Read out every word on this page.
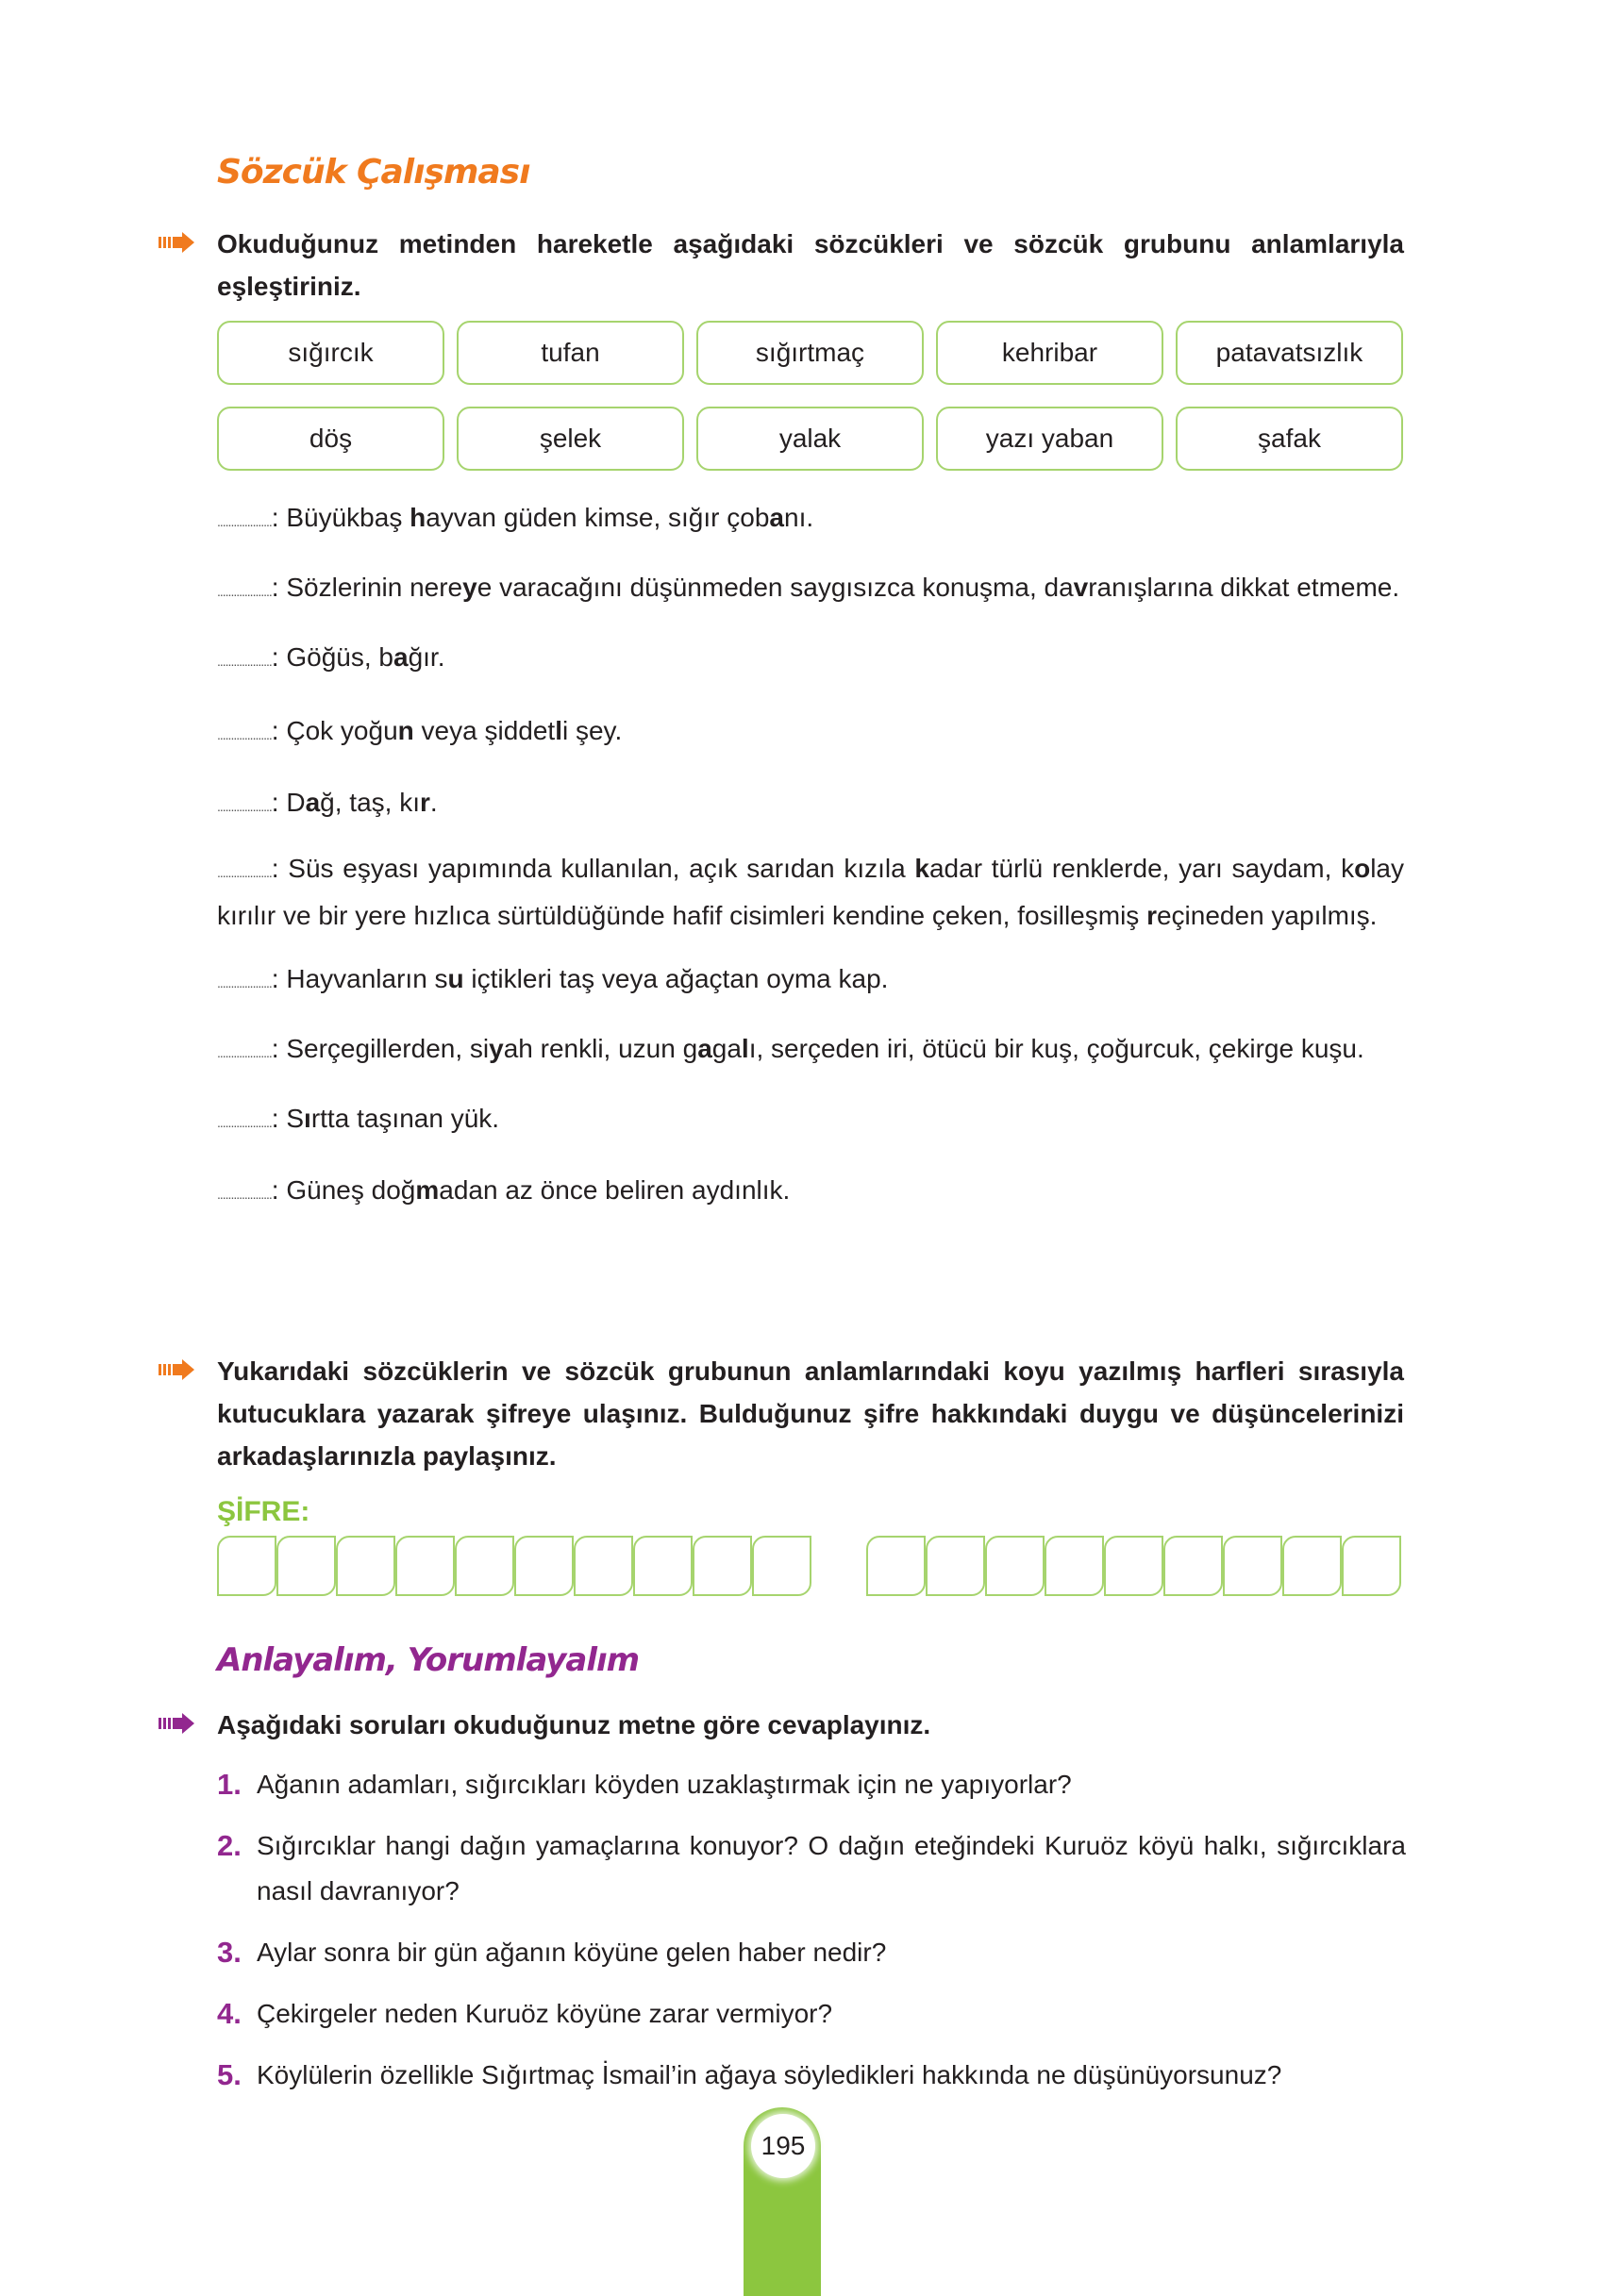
Sözcük Çalışması
Okuduğunuz metinden hareketle aşağıdaki sözcükleri ve sözcük grubunu anlamlarıyla eşleştiriniz.
sığırcık	tufan	sığırtmaç	kehribar	patavatsızlık
döş	şelek	yalak	yazı yaban	şafak
....................: Büyükbaş hayvan güden kimse, sığır çobanı.
....................: Sözlerinin nereye varacağını düşünmeden saygısızca konuşma, davranışlarına dikkat etmeme.
....................: Göğüs, bağır.
....................: Çok yoğun veya şiddetli şey.
....................: Dağ, taş, kır.
....................: Süs eşyası yapımında kullanılan, açık sarıdan kızıla kadar türlü renklerde, yarı saydam, kolay kırılır ve bir yere hızlıca sürtüldüğünde hafif cisimleri kendine çeken, fosilleşmiş reçineden yapılmış.
....................: Hayvanların su içtikleri taş veya ağaçtan oyma kap.
....................: Serçegillerden, siyah renkli, uzun gagalı, serçeden iri, ötücü bir kuş, çoğurcuk, çekirge kuşu.
....................: Sırtta taşınan yük.
....................: Güneş doğmadan az önce beliren aydınlık.
Yukarıdaki sözcüklerin ve sözcük grubunun anlamlarındaki koyu yazılmış harfleri sırasıyla kutucuklara yazarak şifreye ulaşınız. Bulduğunuz şifre hakkındaki duygu ve düşüncelerinizi arkadaşlarınızla paylaşınız.
ŞİFRE:
Anlayalım, Yorumlayalım
Aşağıdaki soruları okuduğunuz metne göre cevaplayınız.
1. Ağanın adamları, sığırcıkları köyden uzaklaştırmak için ne yapıyorlar?
2. Sığırcıklar hangi dağın yamaçlarına konuyor? O dağın eteğindeki Kuruöz köyü halkı, sığırcıklara nasıl davranıyor?
3. Aylar sonra bir gün ağanın köyüne gelen haber nedir?
4. Çekirgeler neden Kuruöz köyüne zarar vermiyor?
5. Köylülerin özellikle Sığırtmaç İsmail’in ağaya söyledikleri hakkında ne düşünüyorsunuz?
195
